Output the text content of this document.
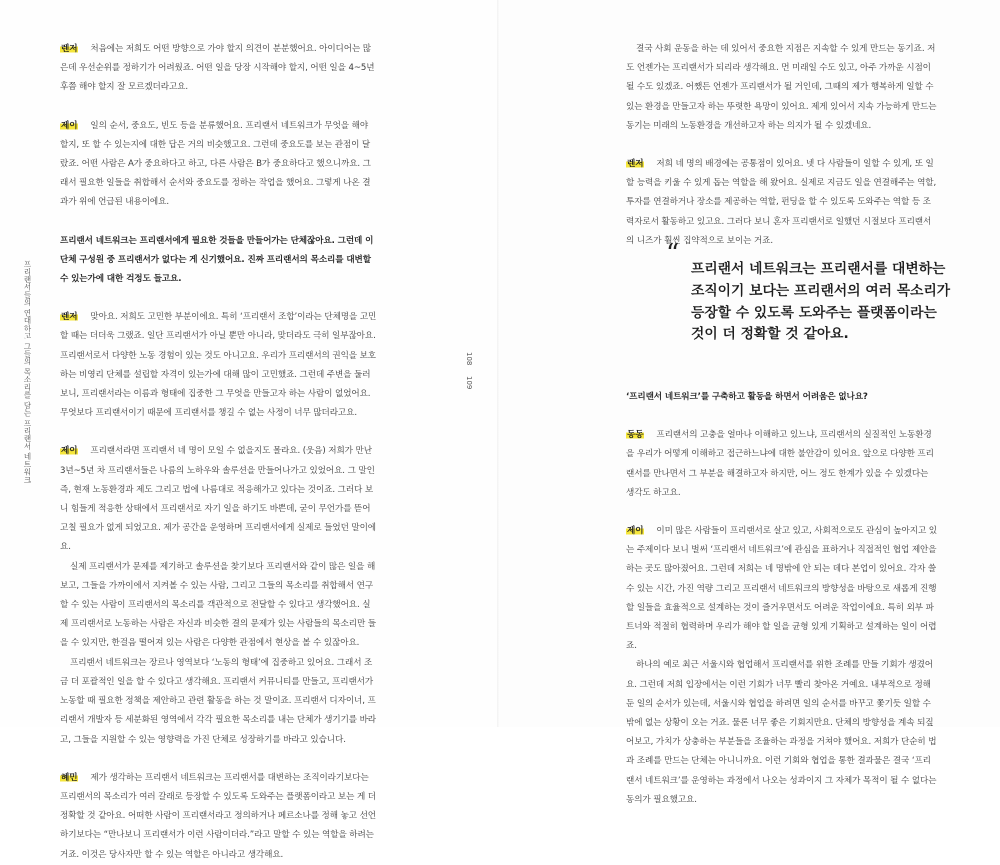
렌저 처음에는 저희도 어떤 방향으로 가야 할지 의견이 분분했어요. 아이디어는 많은데 우선순위를 정하기가 어려웠죠. 어떤 일을 당장 시작해야 할지, 어떤 일을 4~5년 후쯤 해야 할지 잘 모르겠더라고요.

제이 일의 순서, 중요도, 빈도 등을 분류했어요. 프리랜서 네트워크가 무엇을 해야 할지, 또 할 수 있는지에 대한 답은 거의 비슷했고요. 그런데 중요도를 보는 관점이 달랐죠. 어떤 사람은 A가 중요하다고 하고, 다른 사람은 B가 중요하다고 했으니까요. 그래서 필요한 일들을 취합해서 순서와 중요도를 정하는 작업을 했어요. 그렇게 나온 결과가 위에 언급된 내용이에요.

프리랜서 네트워크는 프리랜서에게 필요한 것들을 만들어가는 단체잖아요. 그런데 이 단체 구성원 중 프리랜서가 없다는 게 신기했어요. 진짜 프리랜서의 목소리를 대변할 수 있는가에 대한 걱정도 들고요.

렌저 맞아요. 저희도 고민한 부분이에요. 특히 ‘프리랜서 조합’이라는 단체명을 고민할 때는 더더욱 그랬죠. 일단 프리랜서가 아닐 뿐만 아니라, 맞더라도 극히 일부잖아요. 프리랜서로서 다양한 노동 경험이 있는 것도 아니고요. 우리가 프리랜서의 권익을 보호하는 비영리 단체를 설립할 자격이 있는가에 대해 많이 고민했죠. 그런데 주변을 둘러보니, 프리랜서라는 이름과 형태에 집중한 그 무엇을 만들고자 하는 사람이 없었어요. 무엇보다 프리랜서이기 때문에 프리랜서를 챙길 수 없는 사정이 너무 많더라고요.

제이 프리랜서라면 프리랜서 네 명이 모일 수 없을지도 몰라요. (웃음) 저희가 만난 3년~5년 차 프리랜서들은 나름의 노하우와 솔루션을 만들어나가고 있었어요. 그 말인즉, 현재 노동환경과 제도 그리고 법에 나름대로 적응해가고 있다는 것이죠. 그러다 보니 힘들게 적응한 상태에서 프리랜서로 자기 일을 하기도 바쁜데, 굳이 무언가를 뜯어고칠 필요가 없게 되었고요. 제가 공간을 운영하며 프리랜서에게 실제로 들었던 말이에요.

실제 프리랜서가 문제를 제기하고 솔루션을 찾기보다 프리랜서와 같이 많은 일을 해보고, 그들을 가까이에서 지켜볼 수 있는 사람, 그리고 그들의 목소리를 취합해서 연구할 수 있는 사람이 프리랜서의 목소리를 객관적으로 전달할 수 있다고 생각했어요. 실제 프리랜서로 노동하는 사람은 자신과 비슷한 결의 문제가 있는 사람들의 목소리만 들을 수 있지만, 한걸음 떨어져 있는 사람은 다양한 관점에서 현상을 볼 수 있잖아요.

프리랜서 네트워크는 장르나 영역보다 ‘노동의 형태’에 집중하고 있어요. 그래서 조금 더 포괄적인 일을 할 수 있다고 생각해요. 프리랜서 커뮤니티를 만들고, 프리랜서가 노동할 때 필요한 정책을 제안하고 관련 활동을 하는 것 말이죠. 프리랜서 디자이너, 프리랜서 개발자 등 세분화된 영역에서 각각 필요한 목소리를 내는 단체가 생기기를 바라고, 그들을 지원할 수 있는 영향력을 가진 단체로 성장하기를 바라고 있습니다.

혜민 제가 생각하는 프리랜서 네트워크는 프리랜서를 대변하는 조직이라기보다는 프리랜서의 목소리가 여러 갈래로 등장할 수 있도록 도와주는 플랫폼이라고 보는 게 더 정확할 것 같아요. 어떠한 사람이 프리랜서라고 정의하거나 페르소나를 정해 놓고 선언하기보다는 “만나보니 프리랜서가 이런 사람이더라.”라고 말할 수 있는 역할을 하려는 거죠. 이것은 당사자만 할 수 있는 역할은 아니라고 생각해요.

프리랜서들의 연대하고 그들의 목소리를 담는 프리랜서 네트워크	108 109

결국 사회 운동을 하는 데 있어서 중요한 지점은 지속할 수 있게 만드는 동기죠. 저도 언젠가는 프리랜서가 되리라 생각해요. 먼 미래일 수도 있고, 아주 가까운 시점이 될 수도 있겠죠. 어쨌든 언젠가 프리랜서가 될 거인데, 그때의 제가 행복하게 일할 수 있는 환경을 만들고자 하는 뚜렷한 욕망이 있어요. 제게 있어서 지속 가능하게 만드는 동기는 미래의 노동환경을 개선하고자 하는 의지가 될 수 있겠네요.

렌저 저희 네 명의 배경에는 공통점이 있어요. 넷 다 사람들이 일할 수 있게, 또 일할 능력을 키울 수 있게 돕는 역할을 해 왔어요. 실제로 지금도 일을 연결해주는 역할, 투자를 연결하거나 장소를 제공하는 역할, 펀딩을 할 수 있도록 도와주는 역할 등 조력자로서 활동하고 있고요. 그러다 보니 혼자 프리랜서로 일했던 시절보다 프리랜서의 니즈가 훨씬 집약적으로 보이는 거죠.

‘프리랜서 네트워크’를 구축하고 활동을 하면서 어려움은 없나요?

동동 프리랜서의 고충을 얼마나 이해하고 있느냐, 프리랜서의 실질적인 노동환경을 우리가 어떻게 이해하고 접근하느냐에 대한 불안감이 있어요. 앞으로 다양한 프리랜서를 만나면서 그 부분을 해결하고자 하지만, 어느 정도 한계가 있을 수 있겠다는 생각도 하고요.

제이 이미 많은 사람들이 프리랜서로 살고 있고, 사회적으로도 관심이 높아지고 있는 주제이다 보니 벌써 ‘프리랜서 네트워크’에 관심을 표하거나 직접적인 협업 제안을 하는 곳도 많아졌어요. 그런데 저희는 네 명밖에 안 되는 데다 본업이 있어요. 각자 쓸 수 있는 시간, 가진 역량 그리고 프리랜서 네트워크의 방향성을 바탕으로 새롭게 진행할 일들을 효율적으로 설계하는 것이 즐거우면서도 어려운 작업이에요. 특히 외부 파트너와 적절히 협력하며 우리가 해야 할 일을 균형 있게 기획하고 설계하는 일이 어렵죠.

하나의 예로 최근 서울시와 협업해서 프리랜서를 위한 조례를 만들 기회가 생겼어요. 그런데 저희 입장에서는 이런 기회가 너무 빨리 찾아온 거예요. 내부적으로 정해둔 일의 순서가 있는데, 서울시와 협업을 하려면 일의 순서를 바꾸고 쫓기듯 일할 수밖에 없는 상황이 오는 거죠. 물론 너무 좋은 기회지만요. 단체의 방향성을 계속 되짚어보고, 가치가 상충하는 부분들을 조율하는 과정을 거쳐야 했어요. 저희가 단순히 법과 조례를 만드는 단체는 아니니까요. 이런 기회와 협업을 통한 결과물은 결국 ‘프리랜서 네트워크’를 운영하는 과정에서 나오는 성과이지 그 자체가 목적이 될 수 없다는 동의가 필요했고요.

“ 프리랜서 네트워크는 프리랜서를 대변하는 조직이기 보다는 프리랜서의 여러 목소리가 등장할 수 있도록 도와주는 플랫폼이라는 것이 더 정확할 것 같아요.
